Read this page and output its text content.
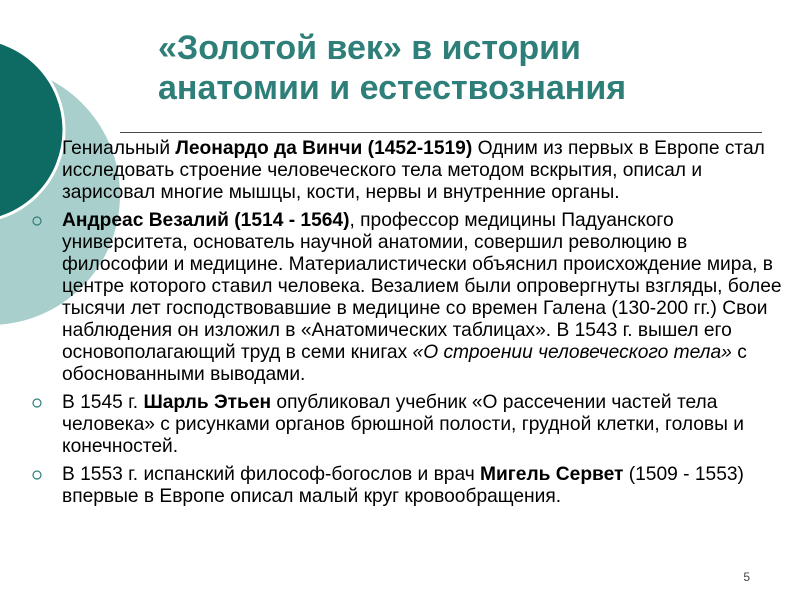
«Золотой век» в истории
анатомии и естествознания

Гениальный Леонардо да Винчи (1452-1519) Одним из первых в Европе стал исследовать строение человеческого тела методом вскрытия, описал и зарисовал многие мышцы, кости, нервы и внутренние органы.

Андреас Везалий (1514 - 1564), профессор медицины Падуанского университета, основатель научной анатомии, совершил революцию в философии и медицине. Материалистически объяснил происхождение мира, в центре которого ставил человека. Везалием были опровергнуты взгляды, более тысячи лет господствовавшие в медицине со времен Галена (130-200 гг.) Свои наблюдения он изложил в «Анатомических таблицах». В 1543 г. вышел его основополагающий труд в семи книгах «О строении человеческого тела» с обоснованными выводами.

В 1545 г. Шарль Этьен опубликовал учебник «О рассечении частей тела человека» с рисунками органов брюшной полости, грудной клетки, головы и конечностей.

В 1553 г. испанский философ-богослов и врач Мигель Сервет (1509 - 1553) впервые в Европе описал малый круг кровообращения.

5
